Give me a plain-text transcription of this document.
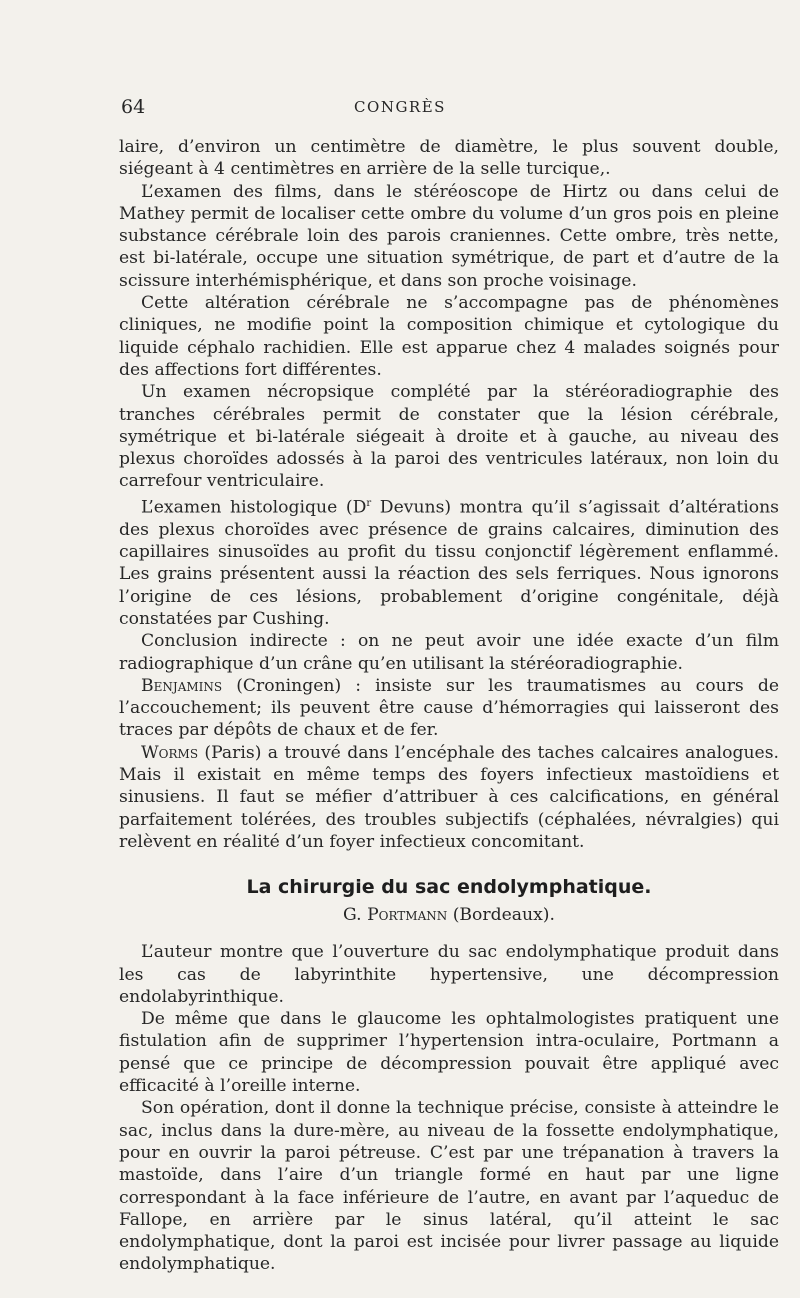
64	CONGRÈS

laire, d’environ un centimètre de diamètre, le plus souvent double, siégeant à 4 centimètres en arrière de la selle turcique,.

L’examen des films, dans le stéréoscope de Hirtz ou dans celui de Mathey permit de localiser cette ombre du volume d’un gros pois en pleine substance cérébrale loin des parois craniennes. Cette ombre, très nette, est bi-latérale, occupe une situation symétrique, de part et d’autre de la scissure interhémisphérique, et dans son proche voisinage.

Cette altération cérébrale ne s’accompagne pas de phénomènes cliniques, ne modifie point la composition chimique et cytologique du liquide céphalo rachidien. Elle est apparue chez 4 malades soignés pour des affections fort différentes.

Un examen nécropsique complété par la stéréoradiographie des tranches cérébrales permit de constater que la lésion cérébrale, symétrique et bi-latérale siégeait à droite et à gauche, au niveau des plexus choroïdes adossés à la paroi des ventricules latéraux, non loin du carrefour ventriculaire.

L’examen histologique ($D^r$ Devuns) montra qu’il s’agissait d’altérations des plexus choroïdes avec présence de grains calcaires, diminution des capillaires sinusoïdes au profit du tissu conjonctif légèrement enflammé. Les grains présentent aussi la réaction des sels ferriques. Nous ignorons l’origine de ces lésions, probablement d’origine congénitale, déjà constatées par Cushing.

Conclusion indirecte : on ne peut avoir une idée exacte d’un film radiographique d’un crâne qu’en utilisant la stéréoradiographie.

Benjamins (Croningen) : insiste sur les traumatismes au cours de l’accouchement; ils peuvent être cause d’hémorragies qui laisseront des traces par dépôts de chaux et de fer.

Worms (Paris) a trouvé dans l’encéphale des taches calcaires analogues. Mais il existait en même temps des foyers infectieux mastoïdiens et sinusiens. Il faut se méfier d’attribuer à ces calcifications, en général parfaitement tolérées, des troubles subjectifs (céphalées, névralgies) qui relèvent en réalité d’un foyer infectieux concomitant.

La chirurgie du sac endolymphatique.
G. Portmann (Bordeaux).

L’auteur montre que l’ouverture du sac endolymphatique produit dans les cas de labyrinthite hypertensive, une décompression endolabyrinthique.

De même que dans le glaucome les ophtalmologistes pratiquent une fistulation afin de supprimer l’hypertension intra-oculaire, Portmann a pensé que ce principe de décompression pouvait être appliqué avec efficacité à l’oreille interne.

Son opération, dont il donne la technique précise, consiste à atteindre le sac, inclus dans la dure-mère, au niveau de la fossette endolymphatique, pour en ouvrir la paroi pétreuse. C’est par une trépanation à travers la mastoïde, dans l’aire d’un triangle formé en haut par une ligne correspondant à la face inférieure de l’autre, en avant par l’aqueduc de Fallope, en arrière par le sinus latéral, qu’il atteint le sac endolymphatique, dont la paroi est incisée pour livrer passage au liquide endolymphatique.
